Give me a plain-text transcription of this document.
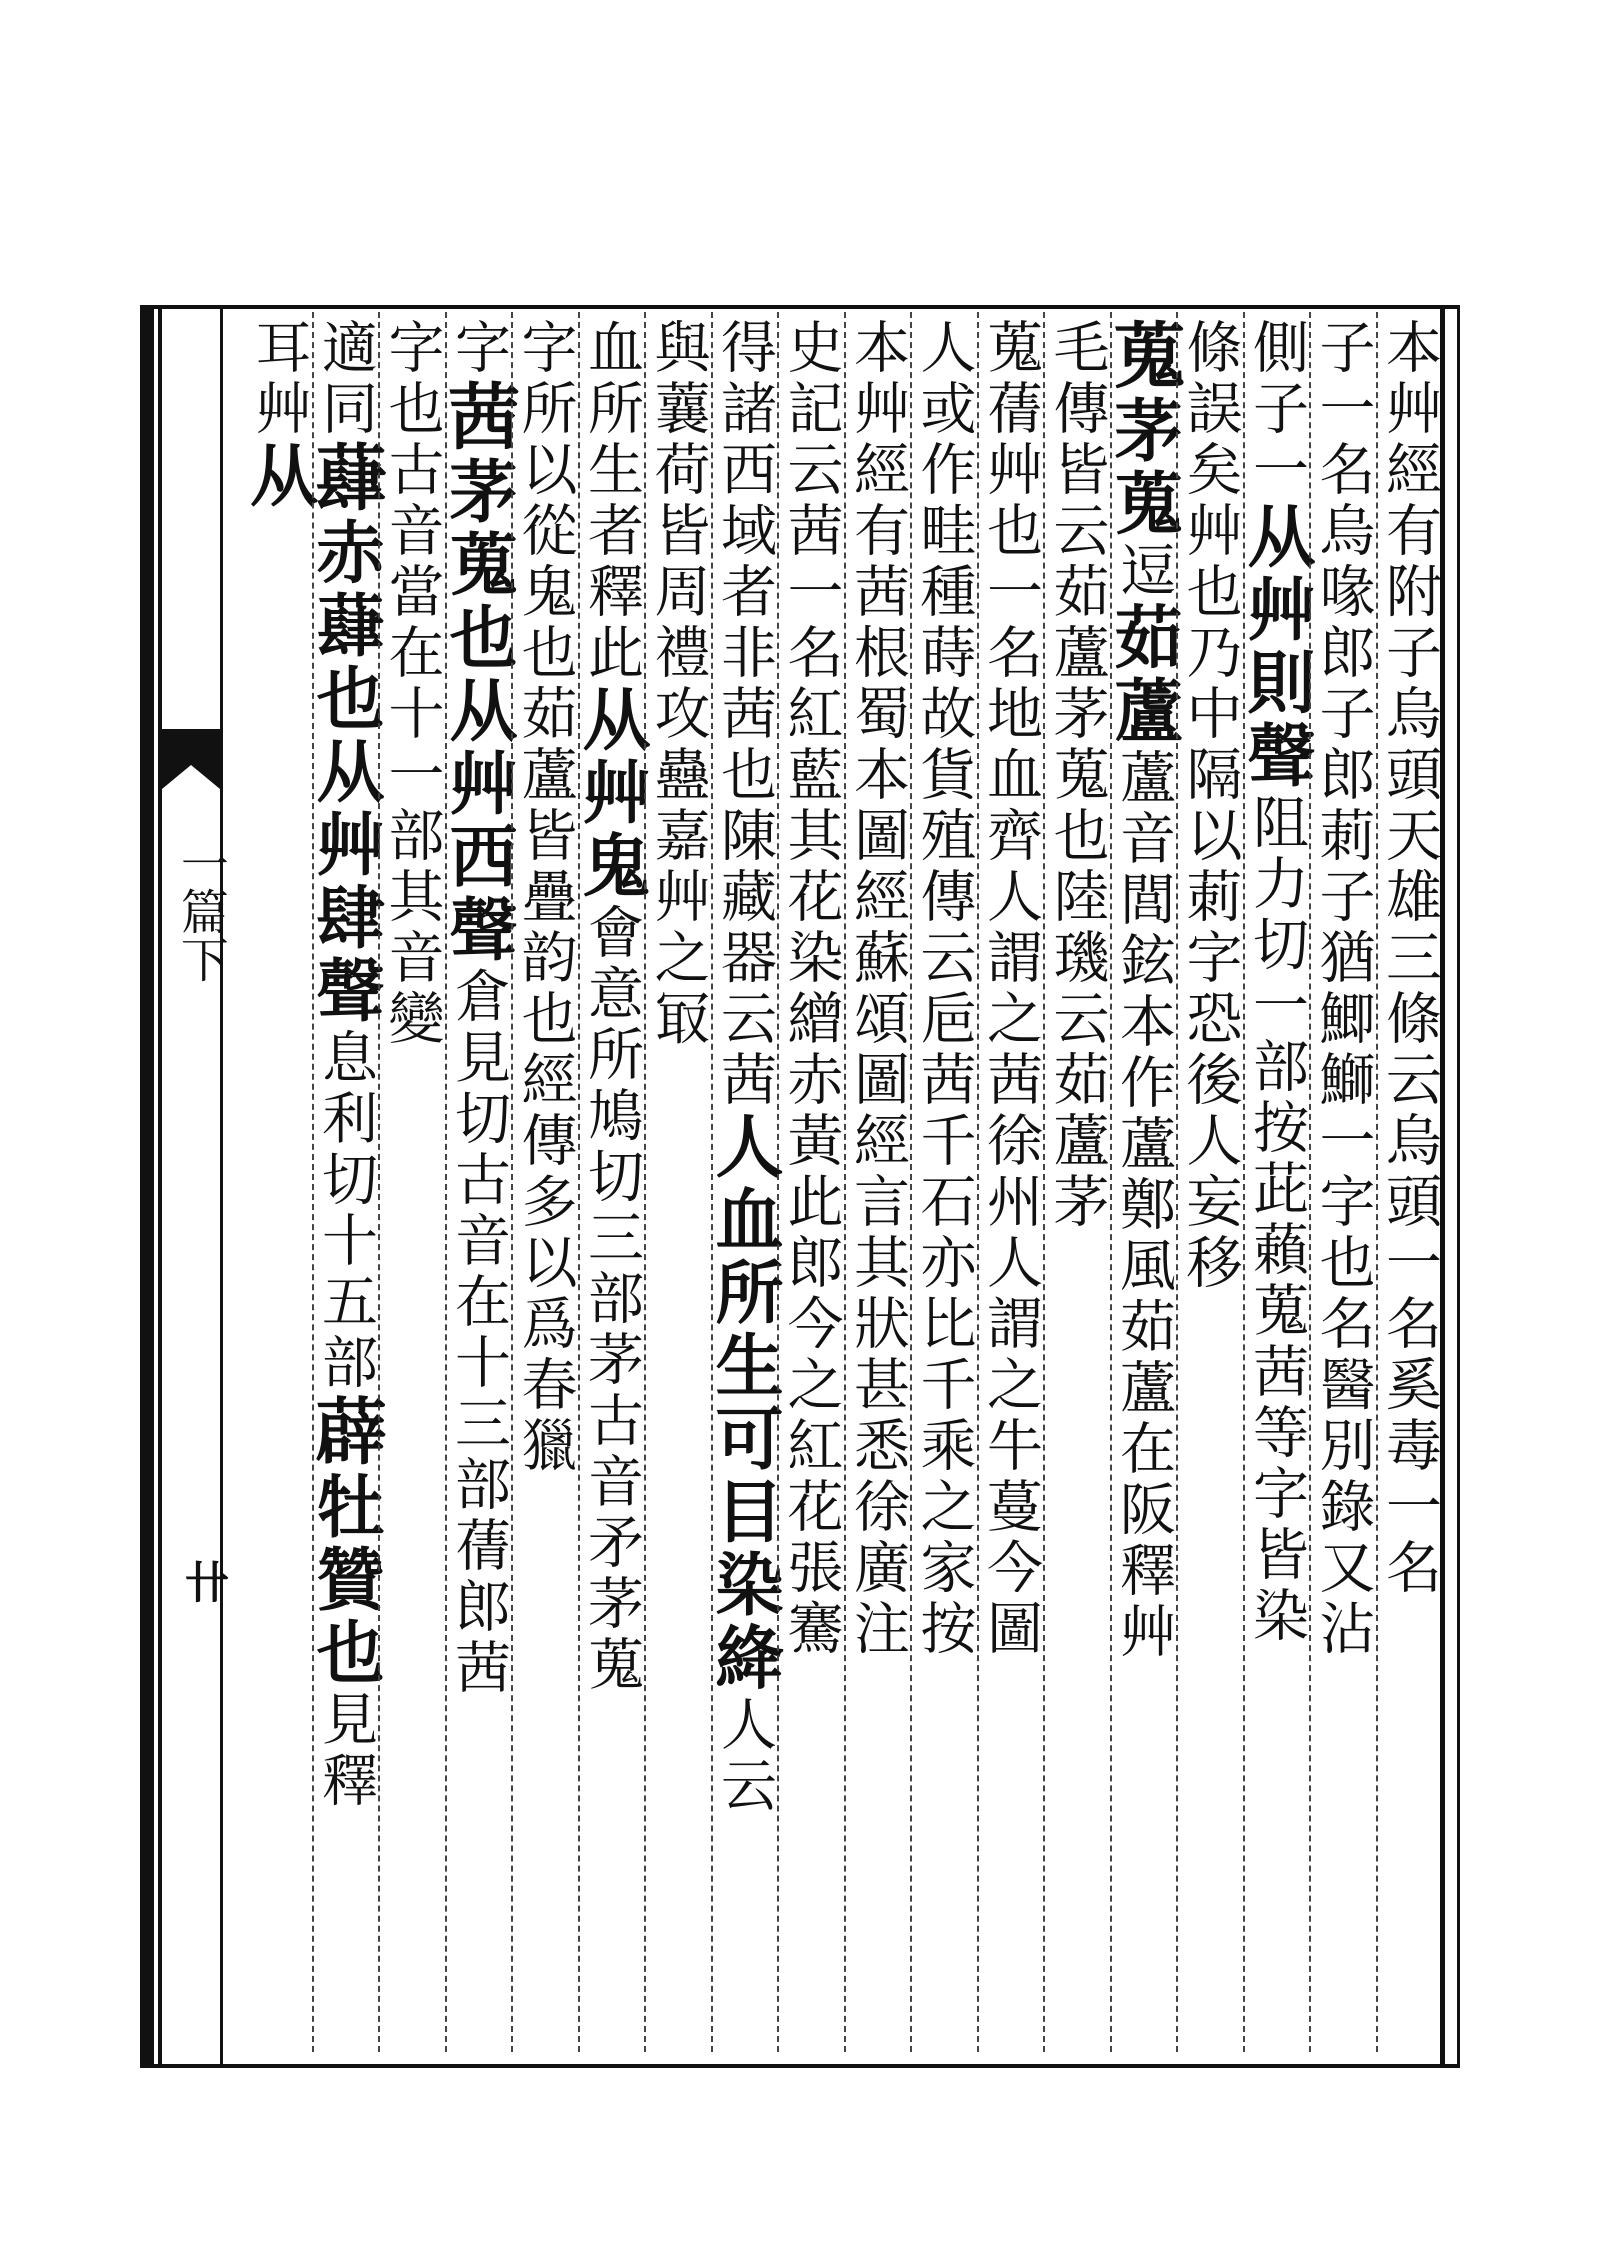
一篇下
卄	本艸經有附子烏頭天雄三條云烏頭一名奚毒一名
子一名烏喙郎子郎莿子猶鯽鰤一字也名醫別錄又沾
側子一从艸則聲阻力切一部按茈藾蒐茜等字皆染
條誤矣艸也乃中隔以莿字恐後人妄移
蒐茅蒐逗茹蘆蘆音閭鉉本作蘆鄭風茹蘆在阪釋艸
毛傳皆云茹蘆茅蒐也陸璣云茹蘆茅
蒐蒨艸也一名地血齊人謂之茜徐州人謂之牛蔓今圖
人或作畦種蒔故貨殖傳云巵茜千石亦比千乘之家按
本艸經有茜根蜀本圖經蘇頌圖經言其狀甚悉徐廣注
史記云茜一名紅藍其花染繒赤黃此郎今之紅花張騫
得諸西域者非茜也陳藏器云茜人血所生可目染絳人云
與蘘荷皆周禮攻蠱嘉艸之冣
血所生者釋此从艸鬼會意所鳩切三部茅古音矛茅蒐
字所以從鬼也茹蘆皆疊韵也經傳多以爲春獵
字茜茅蒐也从艸西聲倉見切古音在十三部蒨郎茜
字也古音當在十一部其音變
適同蕼赤蕼也从艸肆聲息利切十五部薜牡贊也見釋
耳艸从
